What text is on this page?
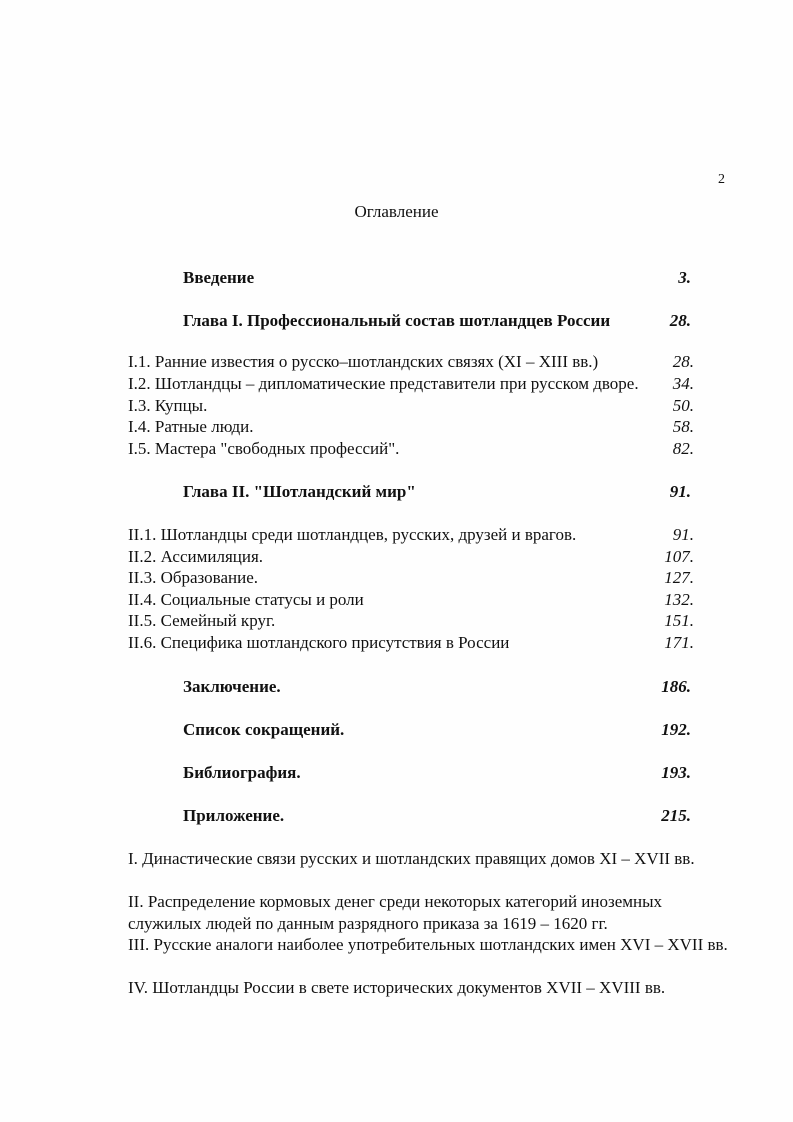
2
Оглавление
Введение	3.
Глава I. Профессиональный состав шотландцев России	28.
I.1. Ранние известия о русско–шотландских связях (XI – XIII вв.)	28.
I.2. Шотландцы – дипломатические представители при русском дворе. 34.
I.3. Купцы.	50.
I.4. Ратные люди.	58.
I.5. Мастера "свободных профессий".	82.
Глава II. "Шотландский мир"	91.
II.1. Шотландцы среди шотландцев, русских, друзей и врагов.	91.
II.2. Ассимиляция.	107.
II.3. Образование.	127.
II.4. Социальные статусы и роли	132.
II.5. Семейный круг.	151.
II.6. Специфика шотландского присутствия в России	171.
Заключение.	186.
Список сокращений.	192.
Библиография.	193.
Приложение.	215.
I. Династические связи русских и шотландских правящих домов XI – XVII вв.
II. Распределение кормовых денег среди некоторых категорий иноземных служилых людей по данным разрядного приказа за 1619 – 1620 гг.
III. Русские аналоги наиболее употребительных шотландских имен XVI – XVII вв.
IV. Шотландцы России в свете исторических документов XVII – XVIII вв.
